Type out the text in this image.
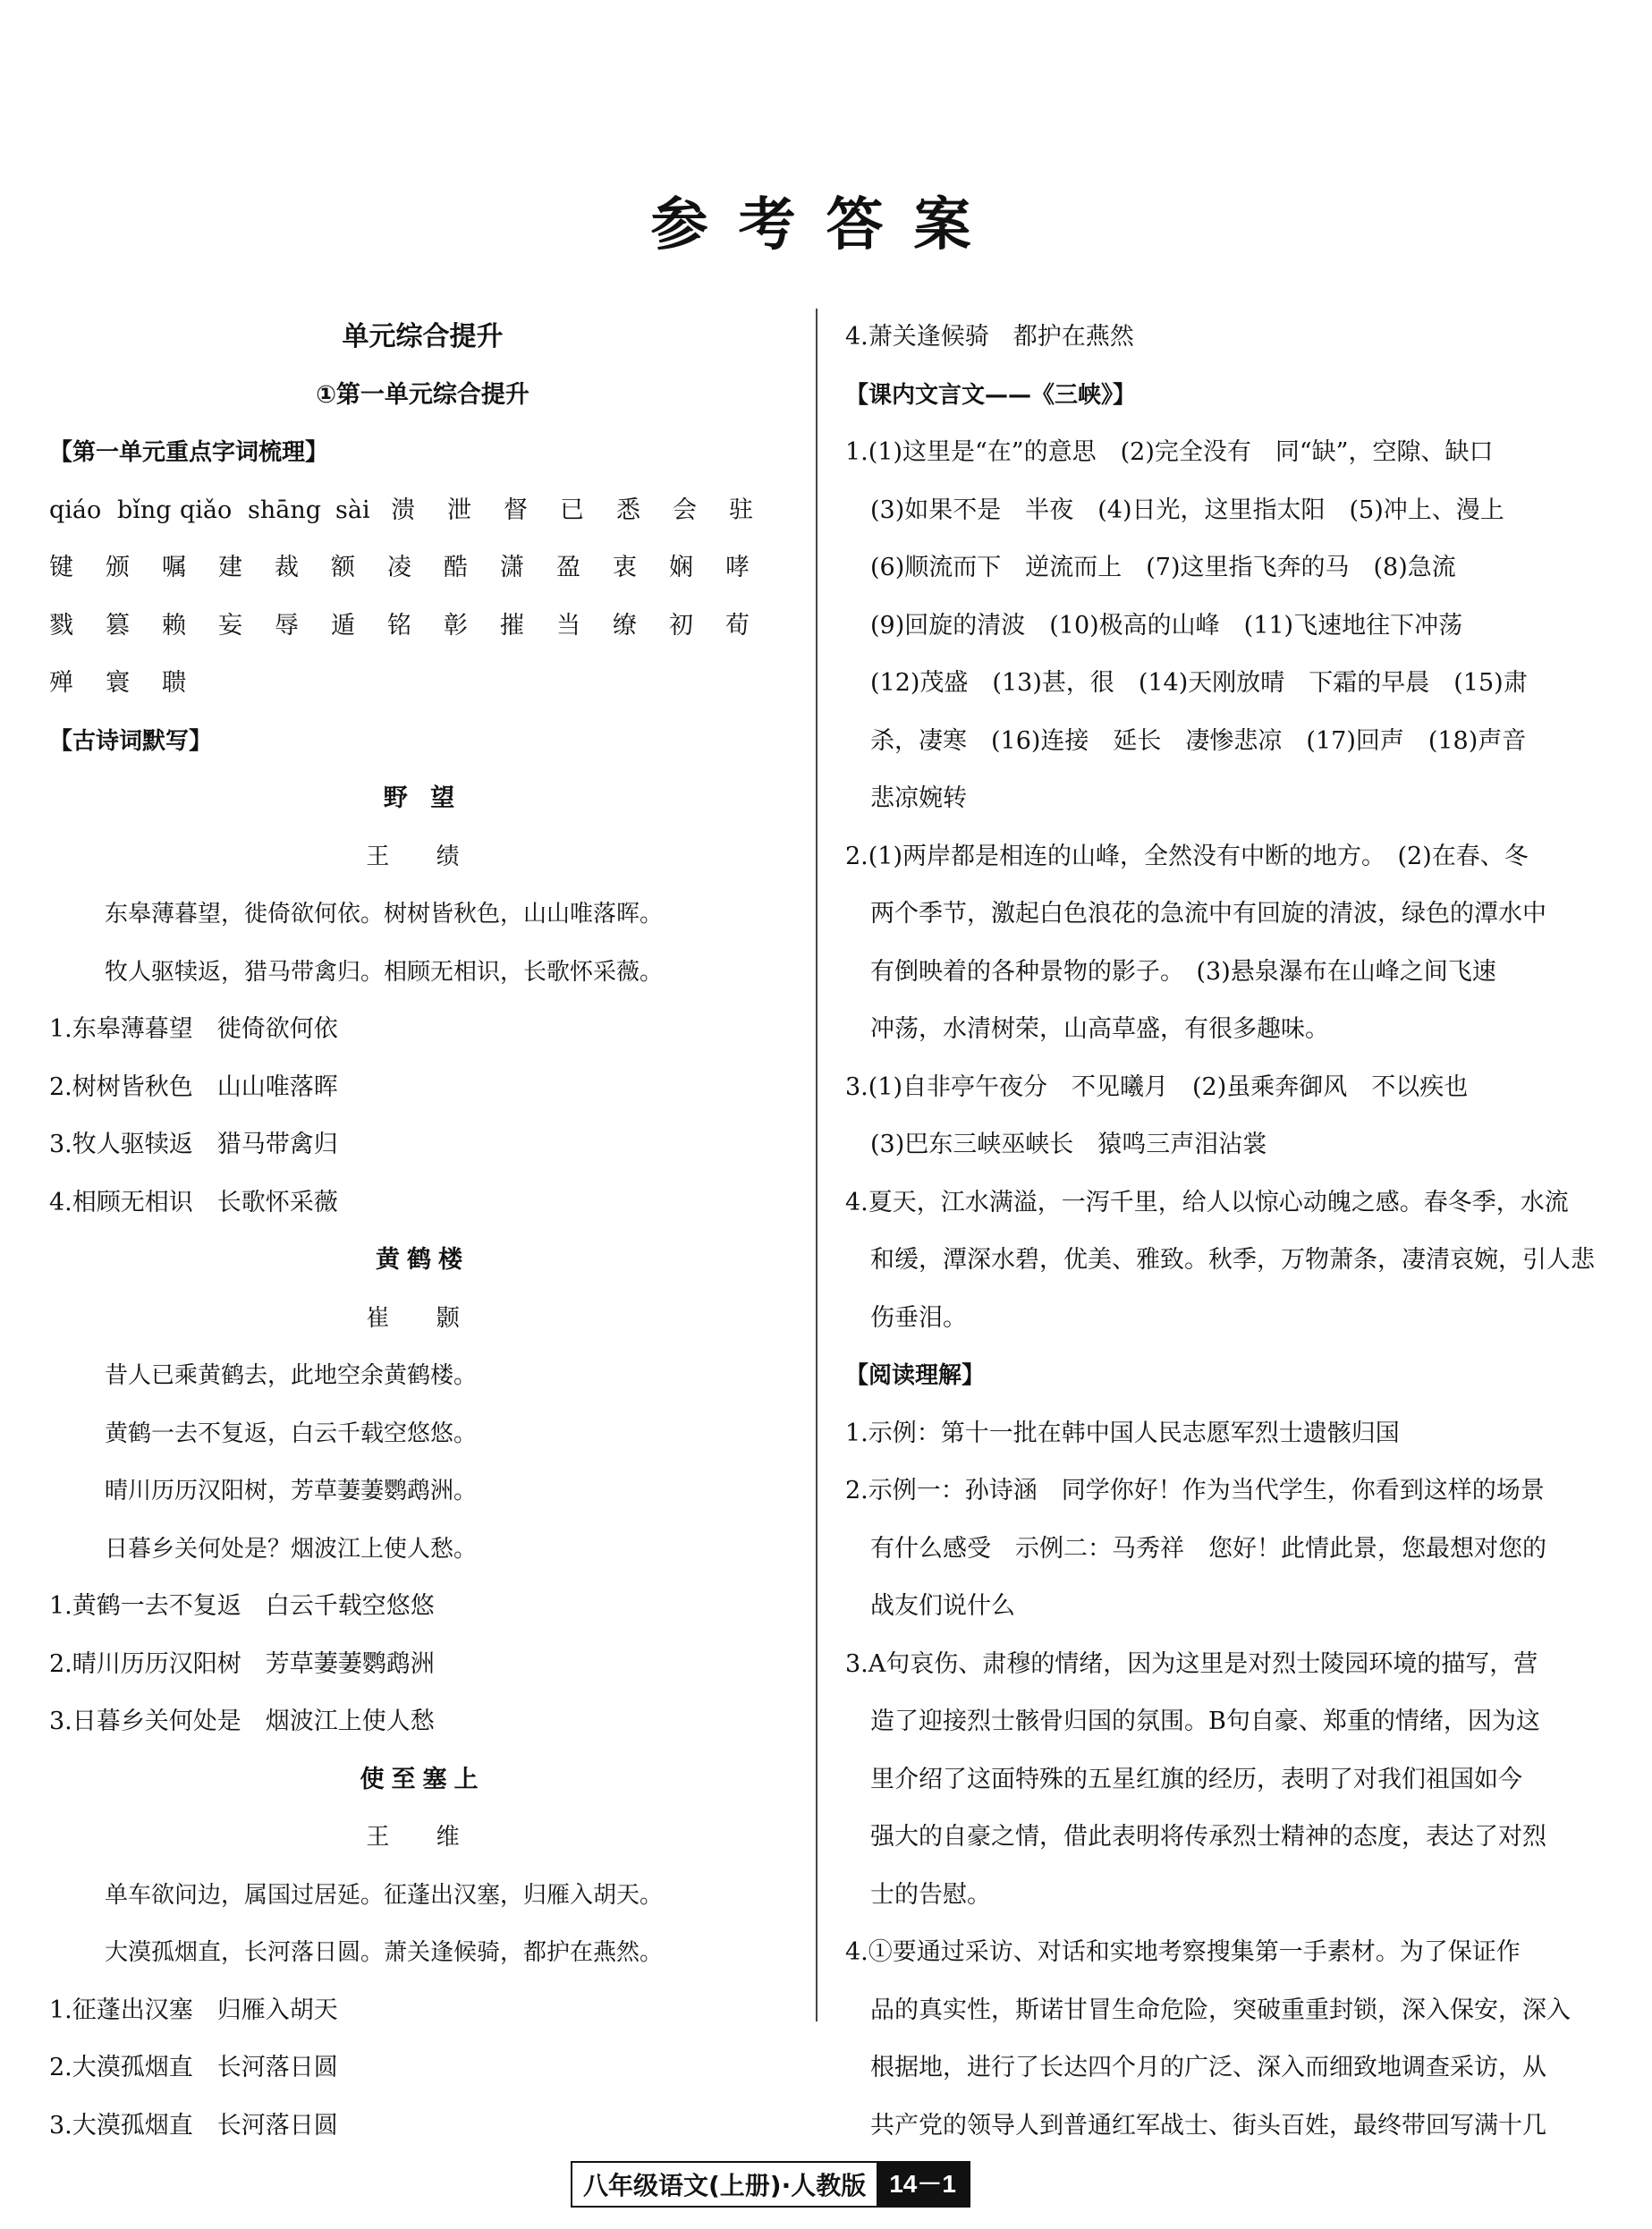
参考答案
单元综合提升
①第一单元综合提升
【第一单元重点字词梳理】
qiáo bǐng qiǎo shāng sài 溃	泄	督	已	悉	会	驻
键	颁	嘱	建	裁	额	凌	酷	潇	盈	衷	娴	哮
戮	篡	赖	妄	辱	遁	铭	彰	摧	当	缭	初	荀
殚	寰	聩
【古诗词默写】
野 望
王 绩
东皋薄暮望，徙倚欲何依。树树皆秋色，山山唯落晖。
牧人驱犊返，猎马带禽归。相顾无相识，长歌怀采薇。
1.东皋薄暮望　徙倚欲何依
2.树树皆秋色　山山唯落晖
3.牧人驱犊返　猎马带禽归
4.相顾无相识　长歌怀采薇
黄鹤楼
崔 颢
昔人已乘黄鹤去，此地空余黄鹤楼。
黄鹤一去不复返，白云千载空悠悠。
晴川历历汉阳树，芳草萋萋鹦鹉洲。
日暮乡关何处是？烟波江上使人愁。
1.黄鹤一去不复返　白云千载空悠悠
2.晴川历历汉阳树　芳草萋萋鹦鹉洲
3.日暮乡关何处是　烟波江上使人愁
使至塞上
王 维
单车欲问边，属国过居延。征蓬出汉塞，归雁入胡天。
大漠孤烟直，长河落日圆。萧关逢候骑，都护在燕然。
1.征蓬出汉塞　归雁入胡天
2.大漠孤烟直　长河落日圆
3.大漠孤烟直　长河落日圆
4.萧关逢候骑　都护在燕然
【课内文言文——《三峡》】
1.(1)这里是“在”的意思　(2)完全没有　同“缺”，空隙、缺口
(3)如果不是　半夜　(4)日光，这里指太阳　(5)冲上、漫上
(6)顺流而下　逆流而上　(7)这里指飞奔的马　(8)急流
(9)回旋的清波　(10)极高的山峰　(11)飞速地往下冲荡
(12)茂盛　(13)甚，很　(14)天刚放晴　下霜的早晨　(15)肃
杀，凄寒　(16)连接　延长　凄惨悲凉　(17)回声　(18)声音
悲凉婉转
2.(1)两岸都是相连的山峰，全然没有中断的地方。　(2)在春、冬
两个季节，激起白色浪花的急流中有回旋的清波，绿色的潭水中
有倒映着的各种景物的影子。　(3)悬泉瀑布在山峰之间飞速
冲荡，水清树荣，山高草盛，有很多趣味。
3.(1)自非亭午夜分　不见曦月　(2)虽乘奔御风　不以疾也
(3)巴东三峡巫峡长　猿鸣三声泪沾裳
4.夏天，江水满溢，一泻千里，给人以惊心动魄之感。春冬季，水流
和缓，潭深水碧，优美、雅致。秋季，万物萧条，凄清哀婉，引人悲
伤垂泪。
【阅读理解】
1.示例：第十一批在韩中国人民志愿军烈士遗骸归国
2.示例一：孙诗涵　同学你好！作为当代学生，你看到这样的场景
有什么感受　示例二：马秀祥　您好！此情此景，您最想对您的
战友们说什么
3.A句哀伤、肃穆的情绪，因为这里是对烈士陵园环境的描写，营
造了迎接烈士骸骨归国的氛围。B句自豪、郑重的情绪，因为这
里介绍了这面特殊的五星红旗的经历，表明了对我们祖国如今
强大的自豪之情，借此表明将传承烈士精神的态度，表达了对烈
士的告慰。
4.①要通过采访、对话和实地考察搜集第一手素材。为了保证作
品的真实性，斯诺甘冒生命危险，突破重重封锁，深入保安，深入
根据地，进行了长达四个月的广泛、深入而细致地调查采访，从
共产党的领导人到普通红军战士、街头百姓，最终带回写满十几
八年级语文(上册)·人教版 14－1
